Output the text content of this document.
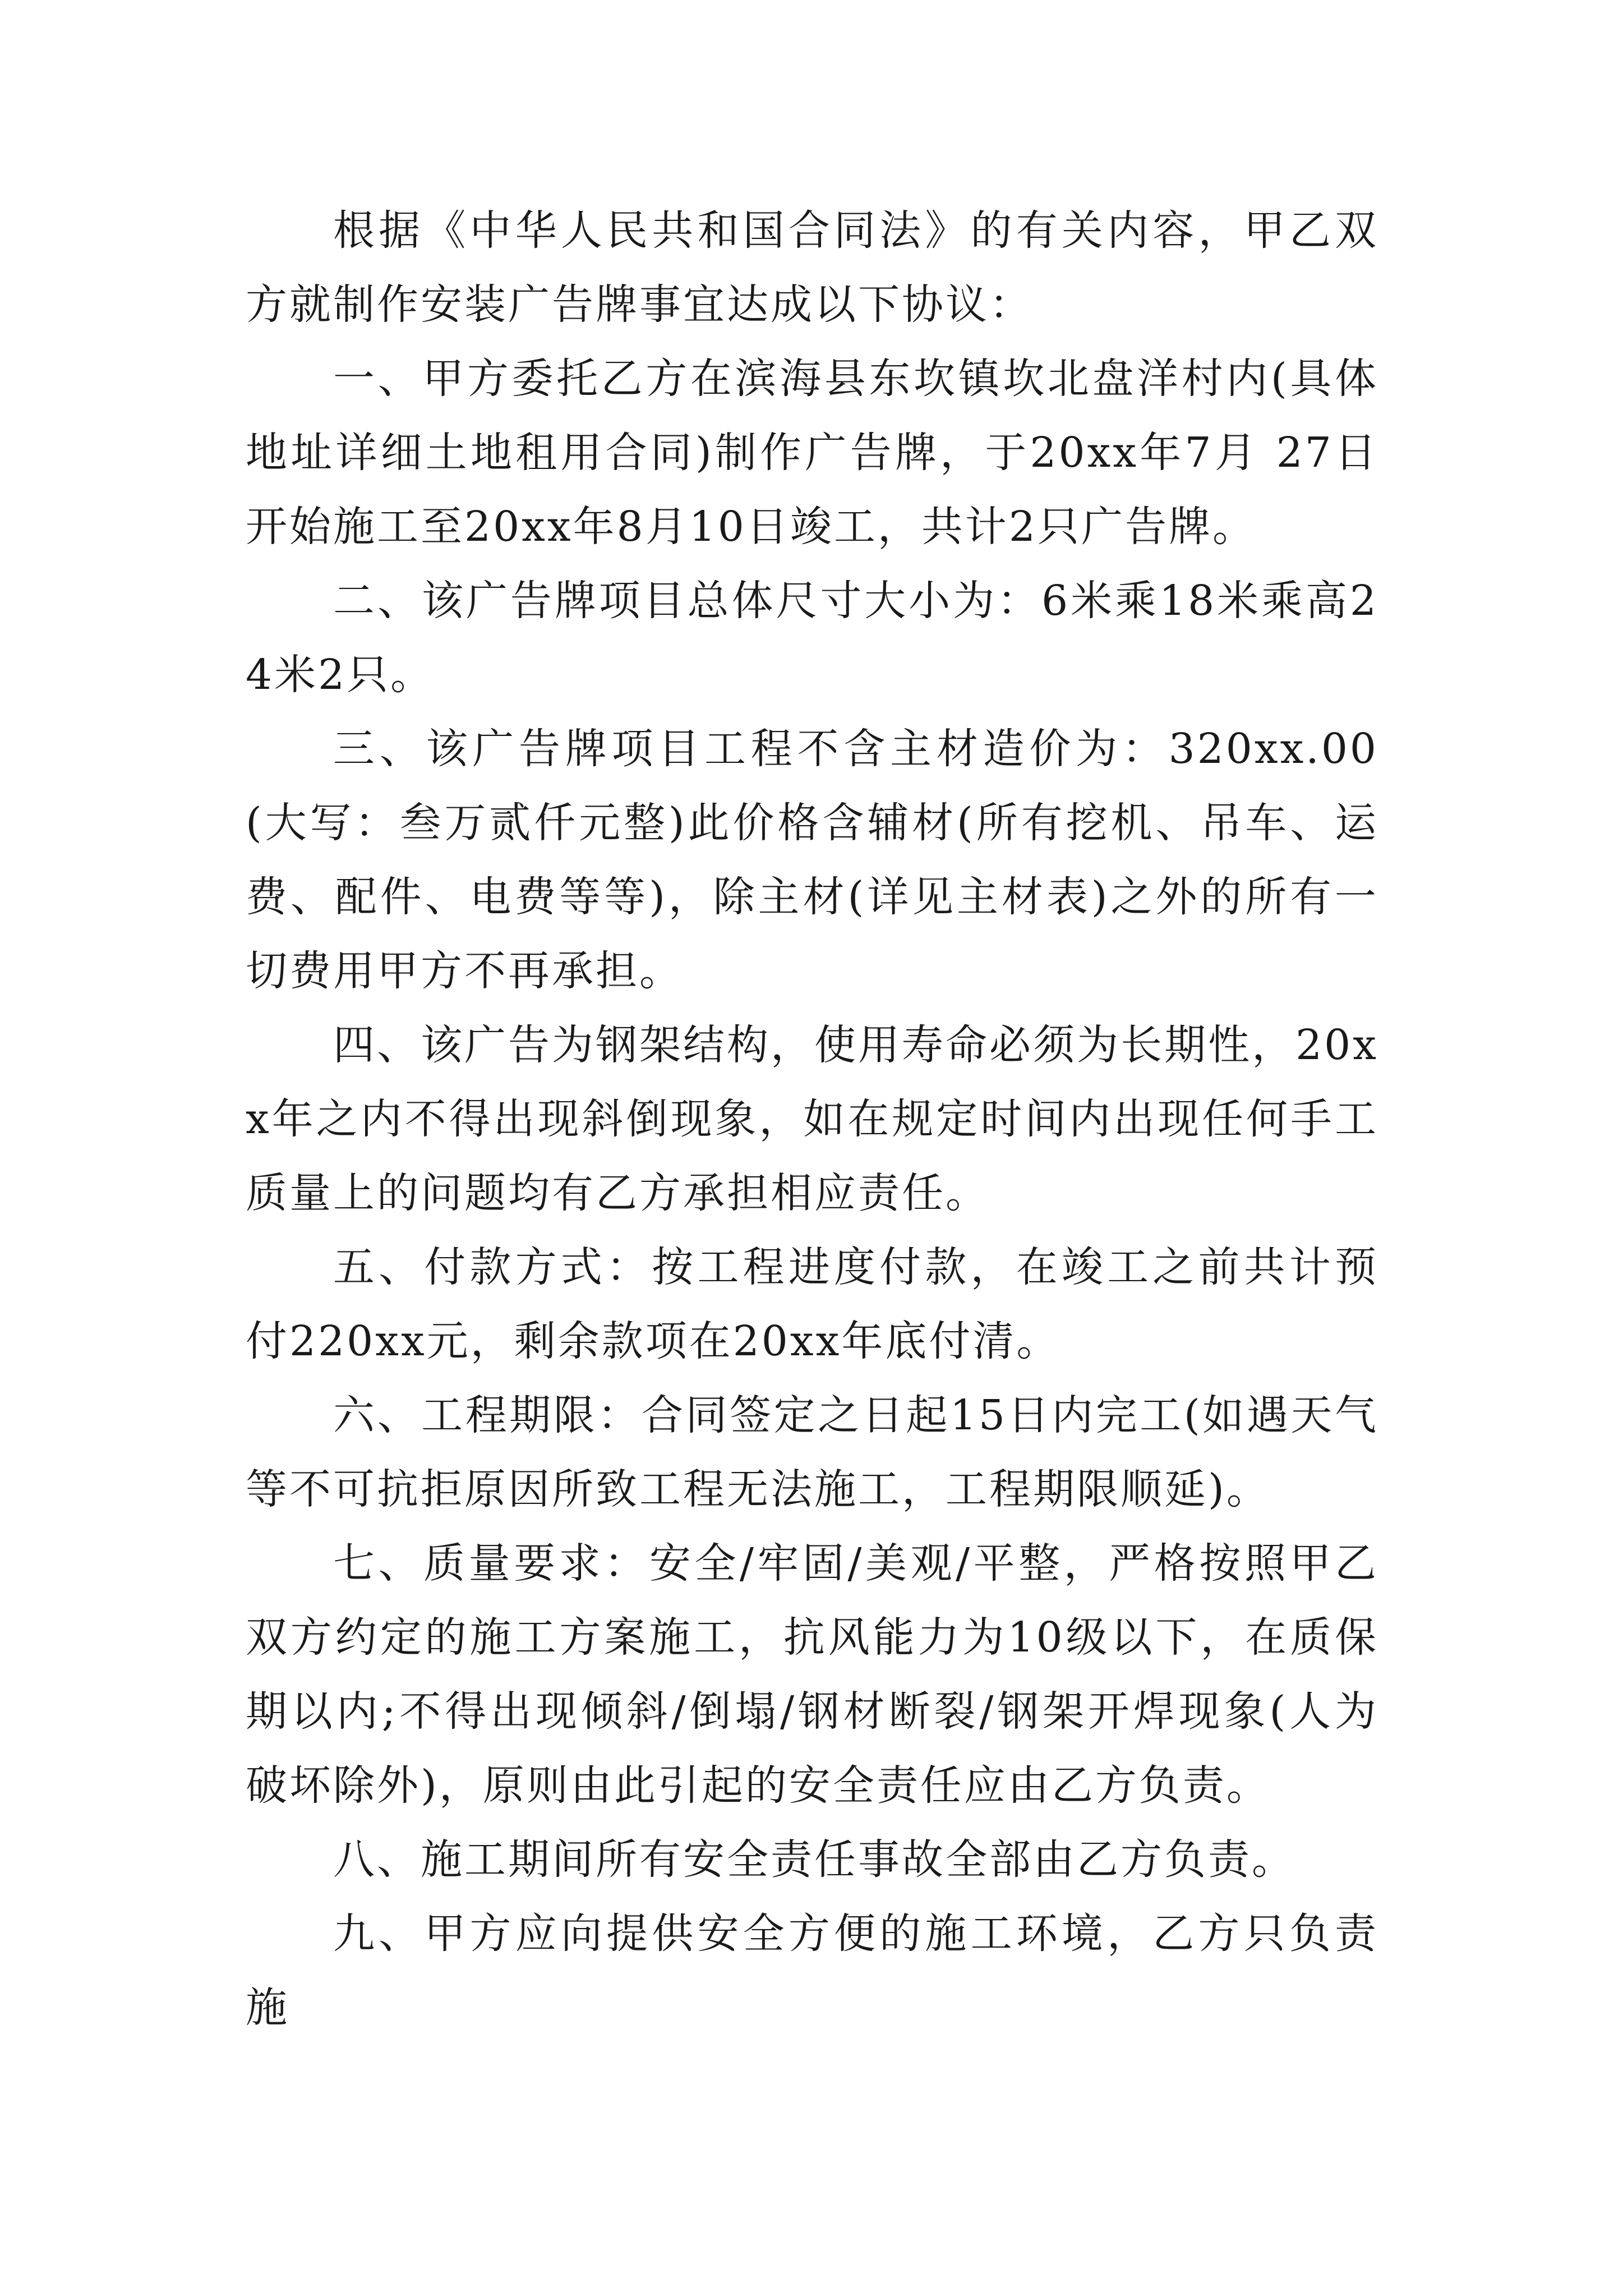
根据《中华人民共和国合同法》的有关内容，甲乙双方就制作安装广告牌事宜达成以下协议：

一、甲方委托乙方在滨海县东坎镇坎北盘洋村内(具体地址详细土地租用合同)制作广告牌，于20xx年7月 27日开始施工至20xx年8月10日竣工，共计2只广告牌。

二、该广告牌项目总体尺寸大小为：6米乘18米乘高24米2只。

三、该广告牌项目工程不含主材造价为：320xx.00(大写：叁万贰仟元整)此价格含辅材(所有挖机、吊车、运费、配件、电费等等)，除主材(详见主材表)之外的所有一切费用甲方不再承担。

四、该广告为钢架结构，使用寿命必须为长期性，20xx年之内不得出现斜倒现象，如在规定时间内出现任何手工质量上的问题均有乙方承担相应责任。

五、付款方式：按工程进度付款，在竣工之前共计预付220xx元，剩余款项在20xx年底付清。

六、工程期限：合同签定之日起15日内完工(如遇天气等不可抗拒原因所致工程无法施工，工程期限顺延)。

七、质量要求：安全/牢固/美观/平整，严格按照甲乙双方约定的施工方案施工，抗风能力为10级以下，在质保期以内;不得出现倾斜/倒塌/钢材断裂/钢架开焊现象(人为破坏除外)，原则由此引起的安全责任应由乙方负责。

八、施工期间所有安全责任事故全部由乙方负责。

九、甲方应向提供安全方便的施工环境，乙方只负责施
